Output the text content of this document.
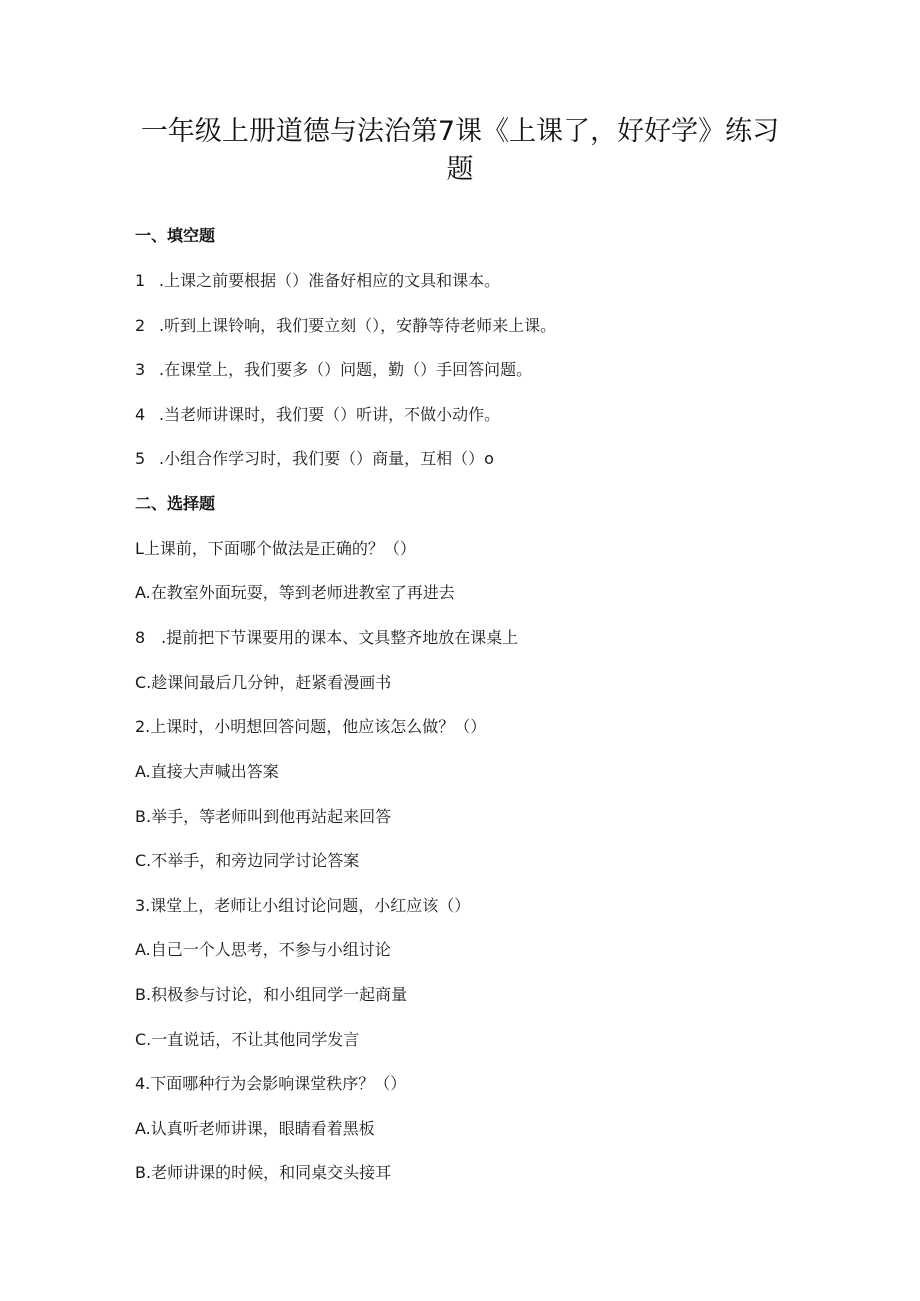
一年级上册道德与法治第7课《上课了，好好学》练习
题
一、填空题

1 .上课之前要根据（）准备好相应的文具和课本。

2 .听到上课铃响，我们要立刻（），安静等待老师来上课。

3 .在课堂上，我们要多（）问题，勤（）手回答问题。

4 .当老师讲课时，我们要（）听讲，不做小动作。

5 .小组合作学习时，我们要（）商量，互相（）o

二、选择题

L上课前，下面哪个做法是正确的？（）

A.在教室外面玩耍，等到老师进教室了再进去

8 .提前把下节课要用的课本、文具整齐地放在课桌上

C.趁课间最后几分钟，赶紧看漫画书

2.上课时，小明想回答问题，他应该怎么做？（）

A.直接大声喊出答案

B.举手，等老师叫到他再站起来回答

C.不举手，和旁边同学讨论答案

3.课堂上，老师让小组讨论问题，小红应该（）

A.自己一个人思考，不参与小组讨论

B.积极参与讨论，和小组同学一起商量

C.一直说话，不让其他同学发言

4.下面哪种行为会影响课堂秩序？（）

A.认真听老师讲课，眼睛看着黑板

B.老师讲课的时候，和同桌交头接耳
